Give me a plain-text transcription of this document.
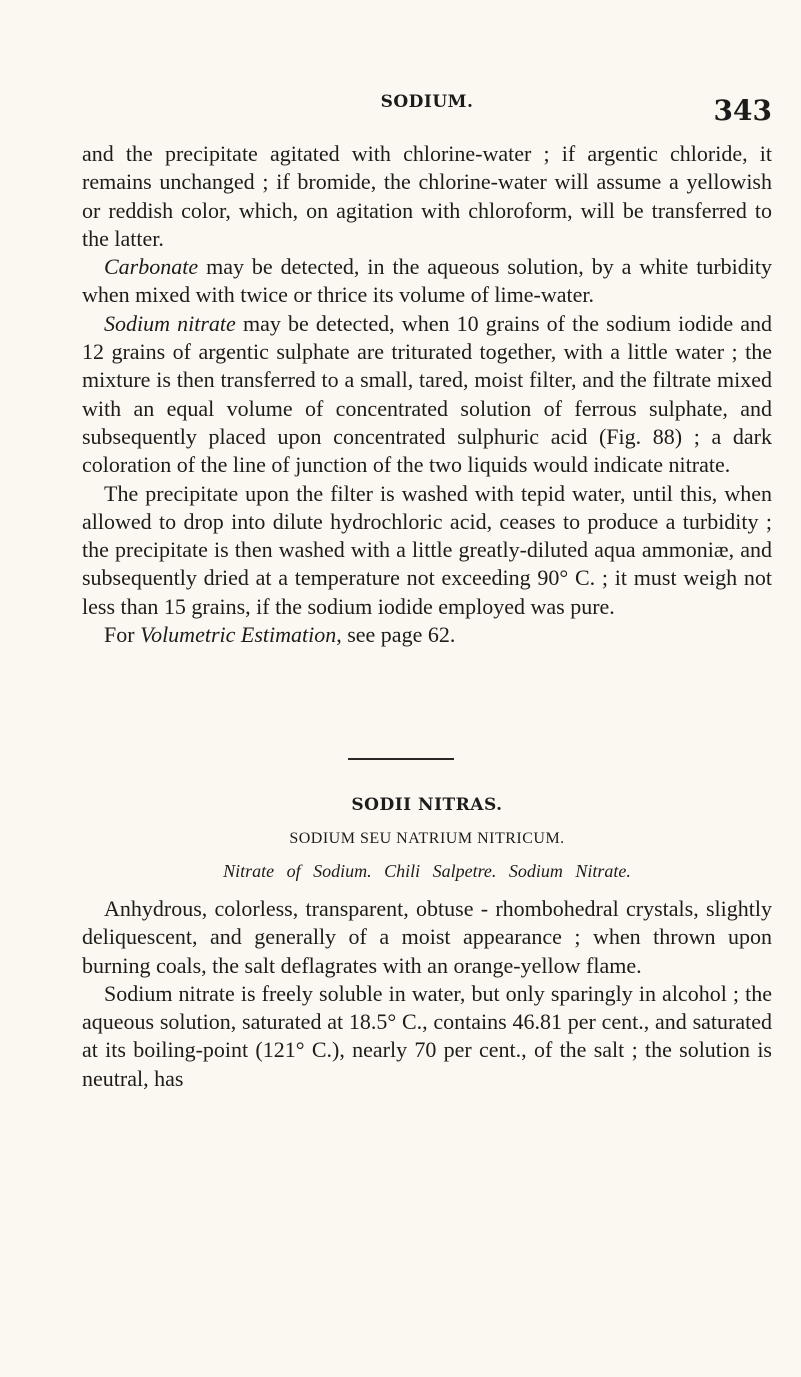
SODIUM.	343

and the precipitate agitated with chlorine-water ; if argentic chloride, it remains unchanged ; if bromide, the chlorine-water will assume a yellowish or reddish color, which, on agitation with chloroform, will be transferred to the latter.

Carbonate may be detected, in the aqueous solution, by a white turbidity when mixed with twice or thrice its volume of lime-water.

Sodium nitrate may be detected, when 10 grains of the sodium iodide and 12 grains of argentic sulphate are triturated together, with a little water ; the mixture is then transferred to a small, tared, moist filter, and the filtrate mixed with an equal volume of concentrated solution of ferrous sulphate, and subsequently placed upon concentrated sulphuric acid (Fig. 88) ; a dark coloration of the line of junction of the two liquids would indicate nitrate.

The precipitate upon the filter is washed with tepid water, until this, when allowed to drop into dilute hydrochloric acid, ceases to produce a turbidity ; the precipitate is then washed with a little greatly-diluted aqua ammoniæ, and subsequently dried at a temperature not exceeding 90° C. ; it must weigh not less than 15 grains, if the sodium iodide employed was pure.

For Volumetric Estimation, see page 62.

SODII NITRAS.
SODIUM SEU NATRIUM NITRICUM.
Nitrate of Sodium. Chili Salpetre. Sodium Nitrate.

Anhydrous, colorless, transparent, obtuse - rhombohedral crystals, slightly deliquescent, and generally of a moist appearance ; when thrown upon burning coals, the salt deflagrates with an orange-yellow flame.

Sodium nitrate is freely soluble in water, but only sparingly in alcohol ; the aqueous solution, saturated at 18.5° C., contains 46.81 per cent., and saturated at its boiling-point (121° C.), nearly 70 per cent., of the salt ; the solution is neutral, has
